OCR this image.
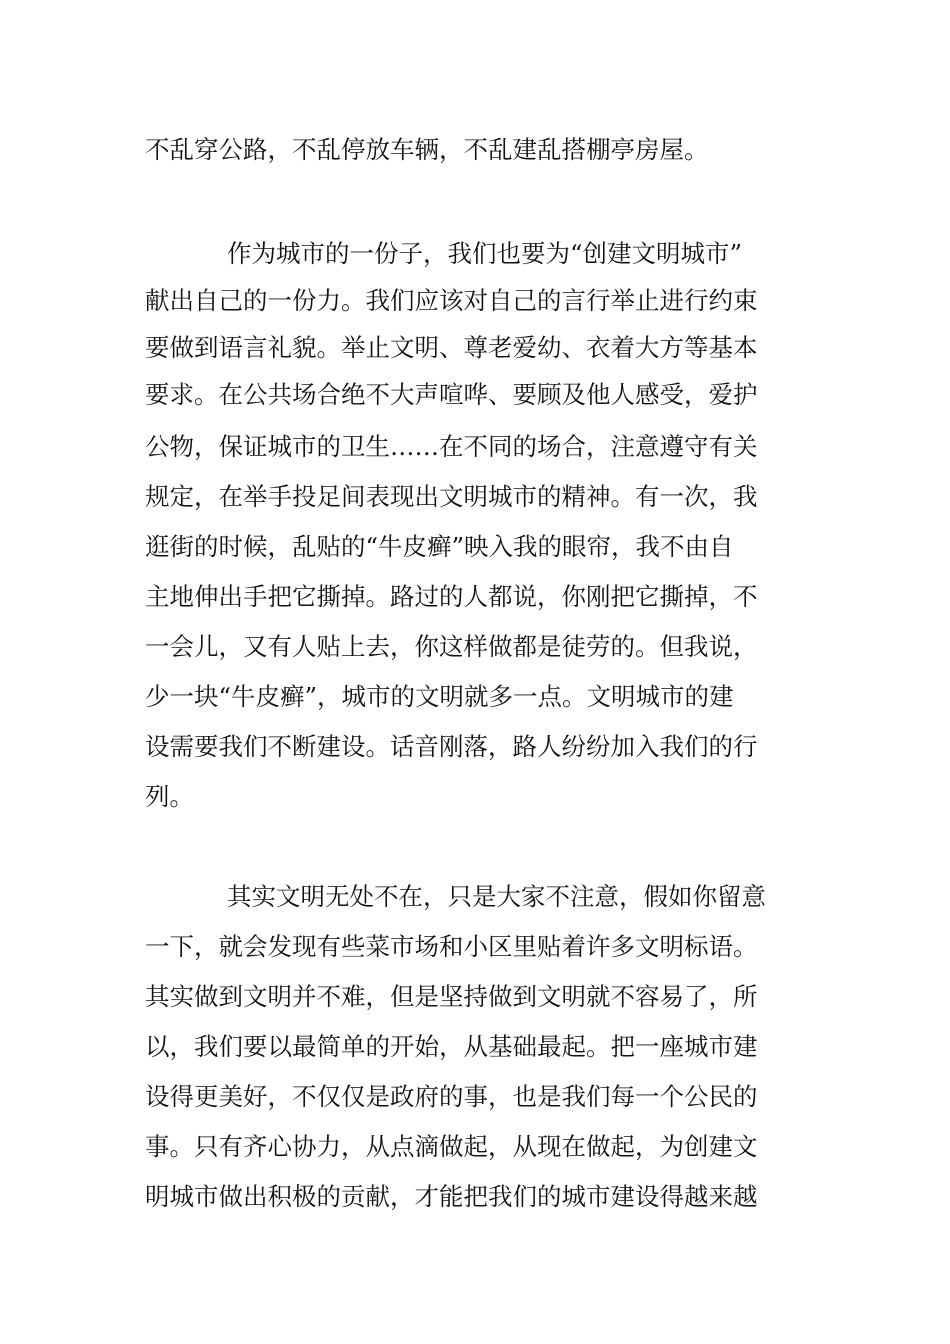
不乱穿公路，不乱停放车辆，不乱建乱搭棚亭房屋。
作为城市的一份子，我们也要为“创建文明城市”
献出自己的一份力。我们应该对自己的言行举止进行约束
要做到语言礼貌。举止文明、尊老爱幼、衣着大方等基本
要求。在公共场合绝不大声喧哗、要顾及他人感受，爱护
公物，保证城市的卫生……在不同的场合，注意遵守有关
规定，在举手投足间表现出文明城市的精神。有一次，我
逛街的时候，乱贴的“牛皮癣”映入我的眼帘，我不由自
主地伸出手把它撕掉。路过的人都说，你刚把它撕掉，不
一会儿，又有人贴上去，你这样做都是徒劳的。但我说，
少一块“牛皮癣”，城市的文明就多一点。文明城市的建
设需要我们不断建设。话音刚落，路人纷纷加入我们的行
列。
其实文明无处不在，只是大家不注意，假如你留意
一下，就会发现有些菜市场和小区里贴着许多文明标语。
其实做到文明并不难，但是坚持做到文明就不容易了，所
以，我们要以最简单的开始，从基础最起。把一座城市建
设得更美好，不仅仅是政府的事，也是我们每一个公民的
事。只有齐心协力，从点滴做起，从现在做起，为创建文
明城市做出积极的贡献，才能把我们的城市建设得越来越
